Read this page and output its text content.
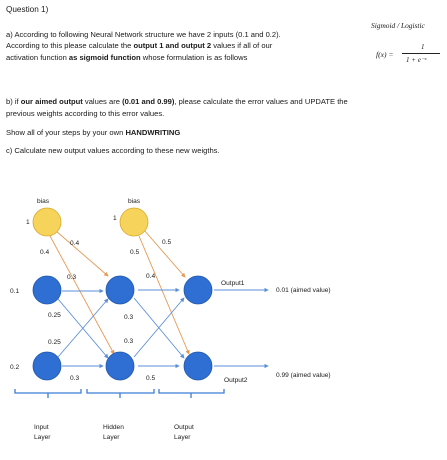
Question 1)
a) According to following Neural Network structure we have 2 inputs (0.1 and 0.2).
According to this please calculate the output 1 and output 2 values if all of our
activation function as sigmoid function whose formulation is as follows
Sigmoid / Logistic
f(x) =
1
1 + e⁻ˣ
b) if our aimed output values are (0.01 and 0.99), please calculate the error values and UPDATE the
previous weights according to this error values.
Show all of your steps by your own HANDWRITING
c) Calculate new output values according to these new weigths.
bias	bias
1
1
0.1
0.2
0.4
0.4
0.5
0.5
0.3
0.25
0.25
0.3
0.4
0.3
0.3
0.5
Output1
Output2
0.01 (aimed value)
0.99 (aimed value)
Input
Layer
Hidden
Layer
Output
Layer
